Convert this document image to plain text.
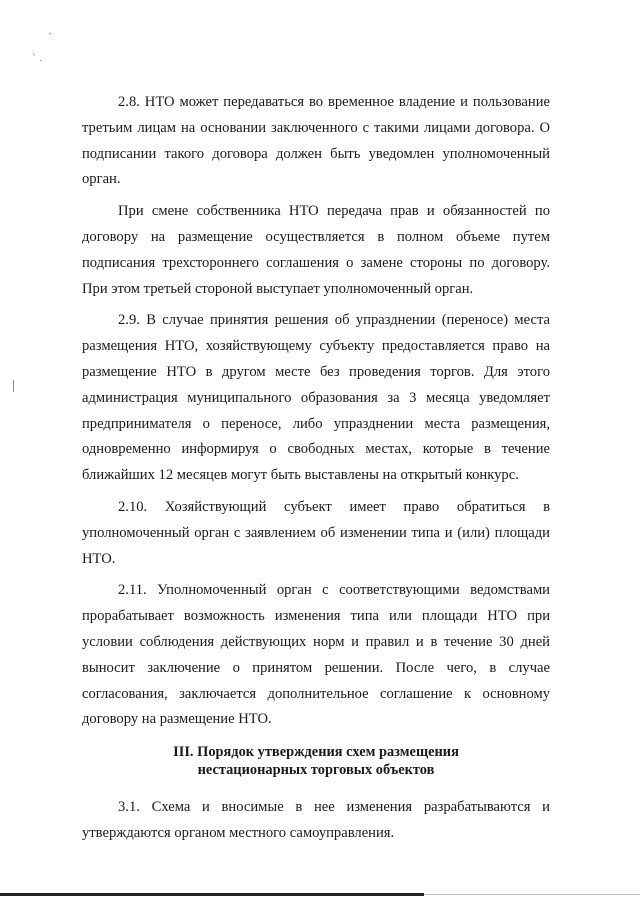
`
` .

2.8. НТО может передаваться во временное владение и пользование третьим лицам на основании заключенного с такими лицами договора. О подписании такого договора должен быть уведомлен уполномоченный орган.

При смене собственника НТО передача прав и обязанностей по договору на размещение осуществляется в полном объеме путем подписания трехстороннего соглашения о замене стороны по договору. При этом третьей стороной выступает уполномоченный орган.

2.9. В случае принятия решения об упразднении (переносе) места размещения НТО, хозяйствующему субъекту предоставляется право на размещение НТО в другом месте без проведения торгов. Для этого администрация муниципального образования за 3 месяца уведомляет предпринимателя о переносе, либо упразднении места размещения, одновременно информируя о свободных местах, которые в течение ближайших 12 месяцев могут быть выставлены на открытый конкурс.

2.10. Хозяйствующий субъект имеет право обратиться в уполномоченный орган с заявлением об изменении типа и (или) площади НТО.

2.11. Уполномоченный орган с соответствующими ведомствами прорабатывает возможность изменения типа или площади НТО при условии соблюдения действующих норм и правил и в течение 30 дней выносит заключение о принятом решении. После чего, в случае согласования, заключается дополнительное соглашение к основному договору на размещение НТО.

III. Порядок утверждения схем размещения
нестационарных торговых объектов

3.1. Схема и вносимые в нее изменения разрабатываются и утверждаются органом местного самоуправления.
